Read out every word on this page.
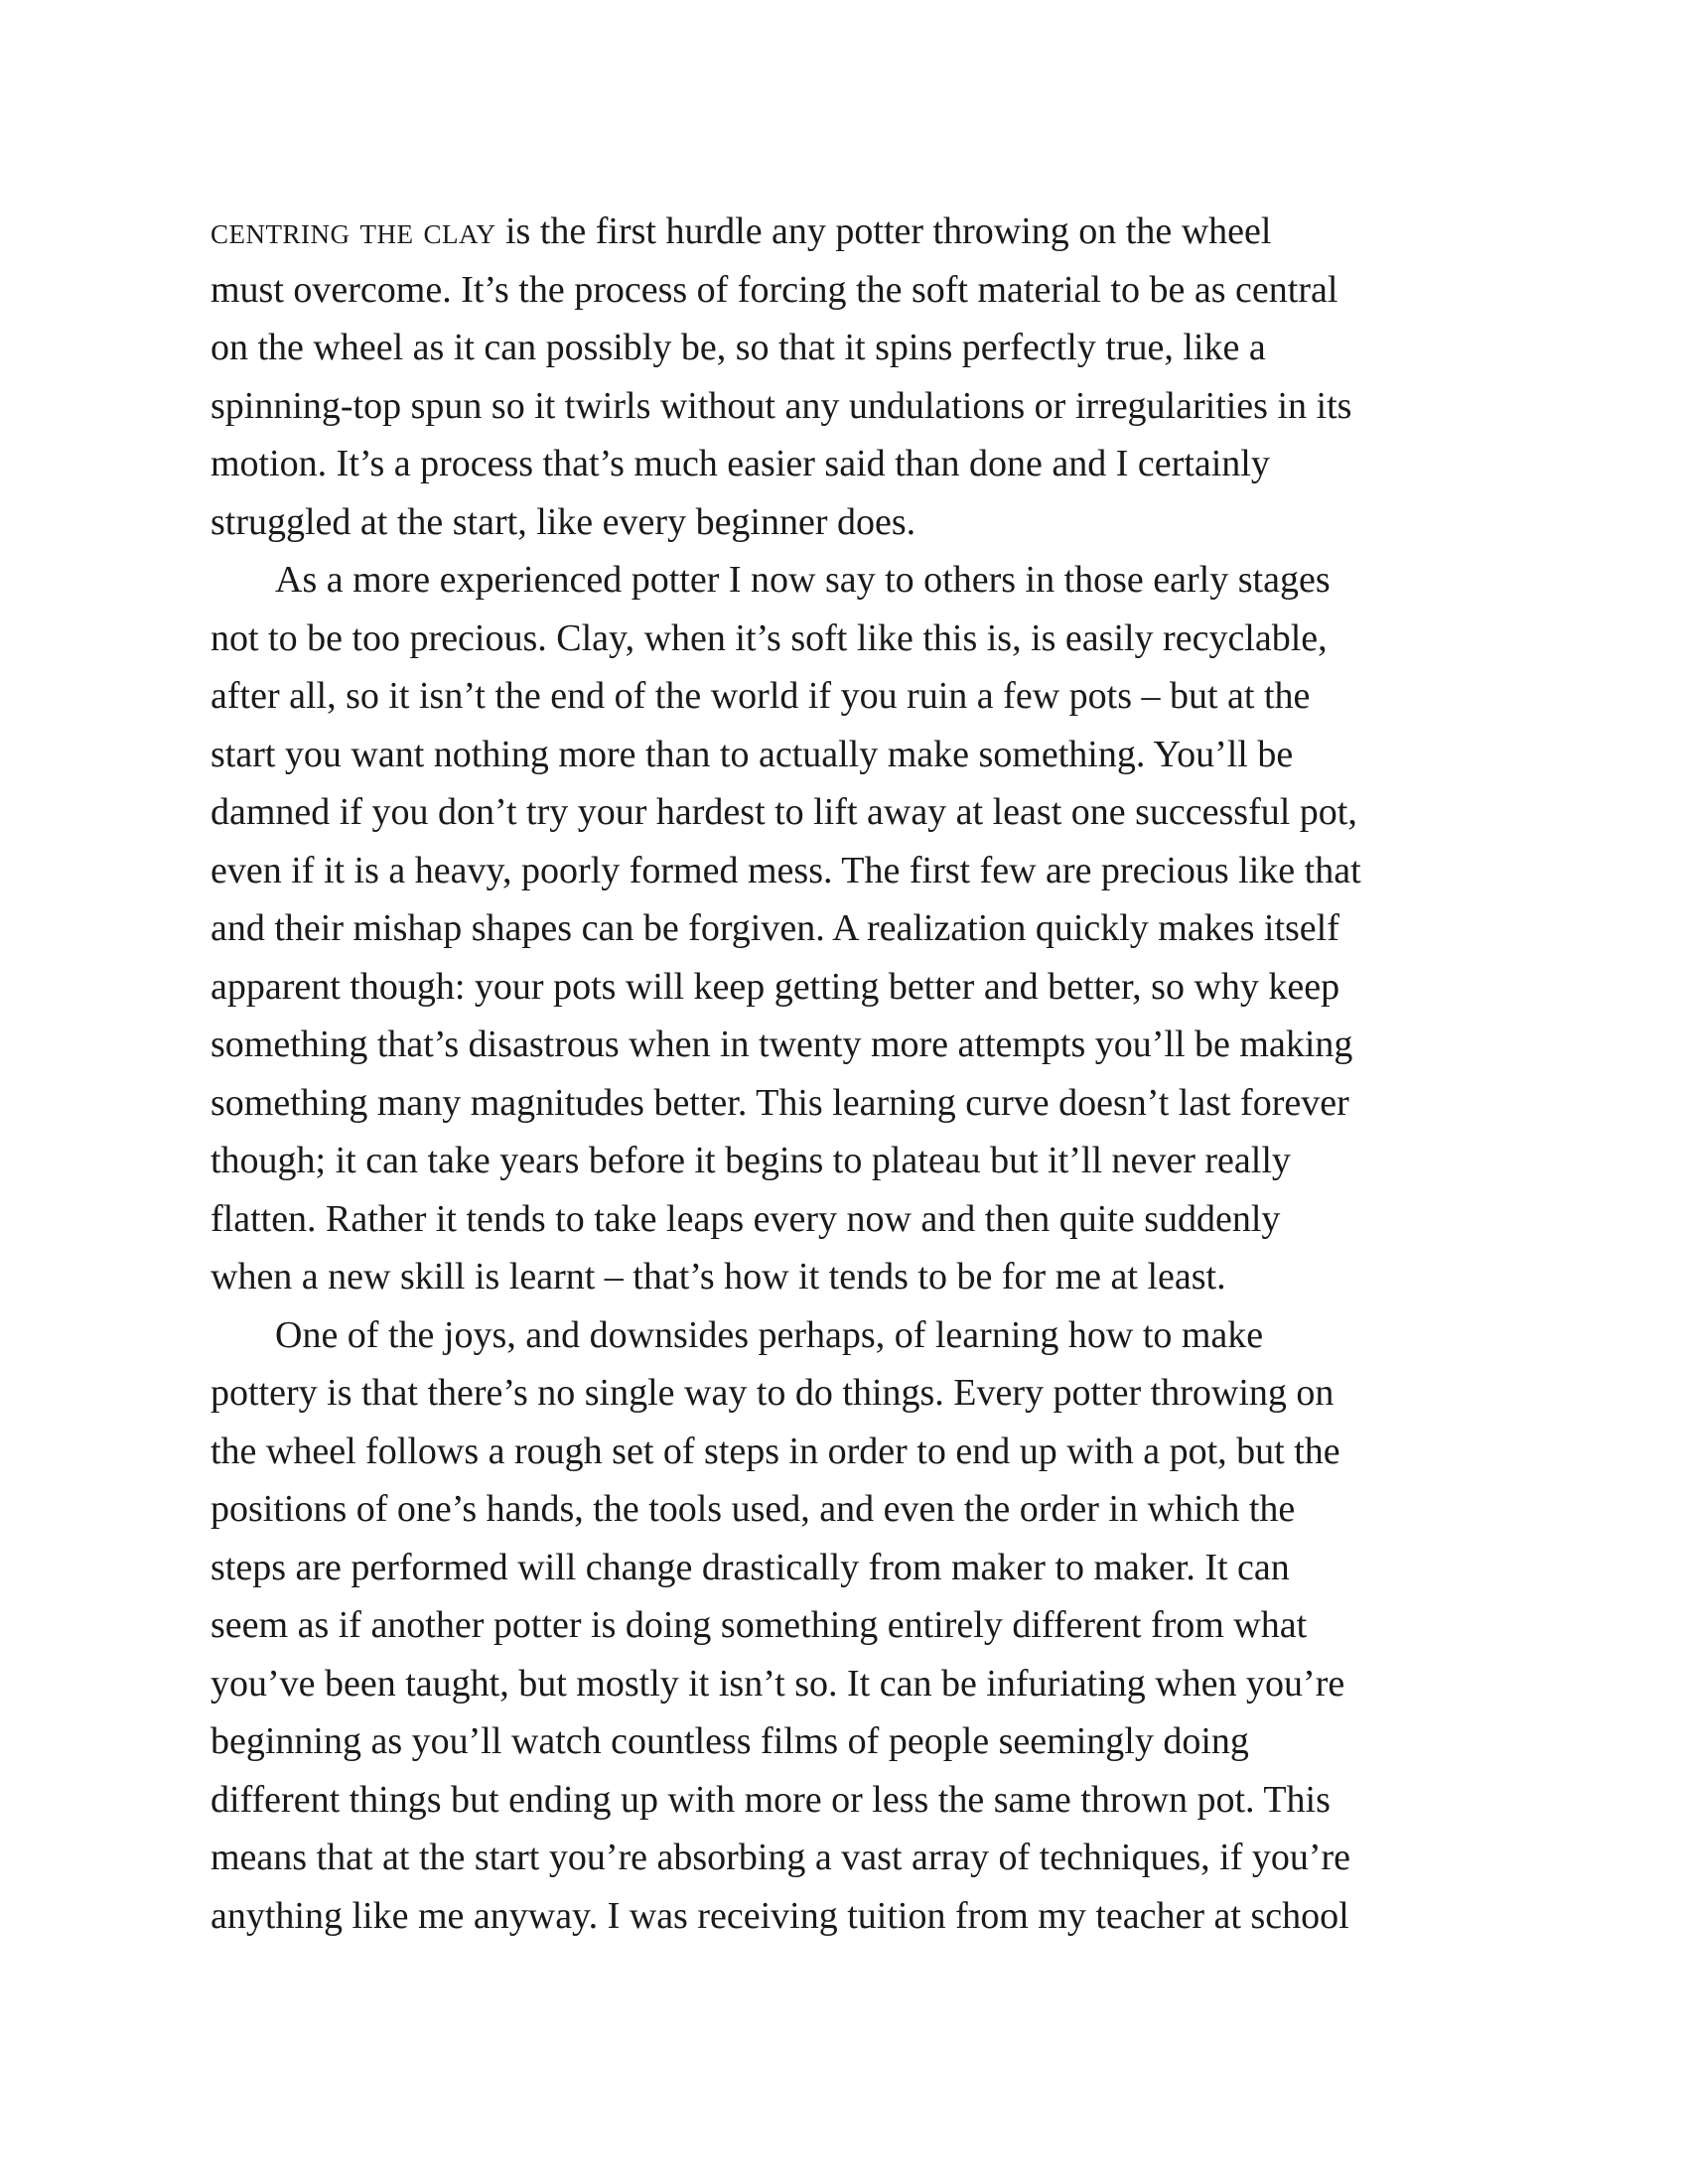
centring the clay is the first hurdle any potter throwing on the wheel
must overcome. It’s the process of forcing the soft material to be as central
on the wheel as it can possibly be, so that it spins perfectly true, like a
spinning-top spun so it twirls without any undulations or irregularities in its
motion. It’s a process that’s much easier said than done and I certainly
struggled at the start, like every beginner does.
As a more experienced potter I now say to others in those early stages
not to be too precious. Clay, when it’s soft like this is, is easily recyclable,
after all, so it isn’t the end of the world if you ruin a few pots – but at the
start you want nothing more than to actually make something. You’ll be
damned if you don’t try your hardest to lift away at least one successful pot,
even if it is a heavy, poorly formed mess. The first few are precious like that
and their mishap shapes can be forgiven. A realization quickly makes itself
apparent though: your pots will keep getting better and better, so why keep
something that’s disastrous when in twenty more attempts you’ll be making
something many magnitudes better. This learning curve doesn’t last forever
though; it can take years before it begins to plateau but it’ll never really
flatten. Rather it tends to take leaps every now and then quite suddenly
when a new skill is learnt – that’s how it tends to be for me at least.
One of the joys, and downsides perhaps, of learning how to make
pottery is that there’s no single way to do things. Every potter throwing on
the wheel follows a rough set of steps in order to end up with a pot, but the
positions of one’s hands, the tools used, and even the order in which the
steps are performed will change drastically from maker to maker. It can
seem as if another potter is doing something entirely different from what
you’ve been taught, but mostly it isn’t so. It can be infuriating when you’re
beginning as you’ll watch countless films of people seemingly doing
different things but ending up with more or less the same thrown pot. This
means that at the start you’re absorbing a vast array of techniques, if you’re
anything like me anyway. I was receiving tuition from my teacher at school
